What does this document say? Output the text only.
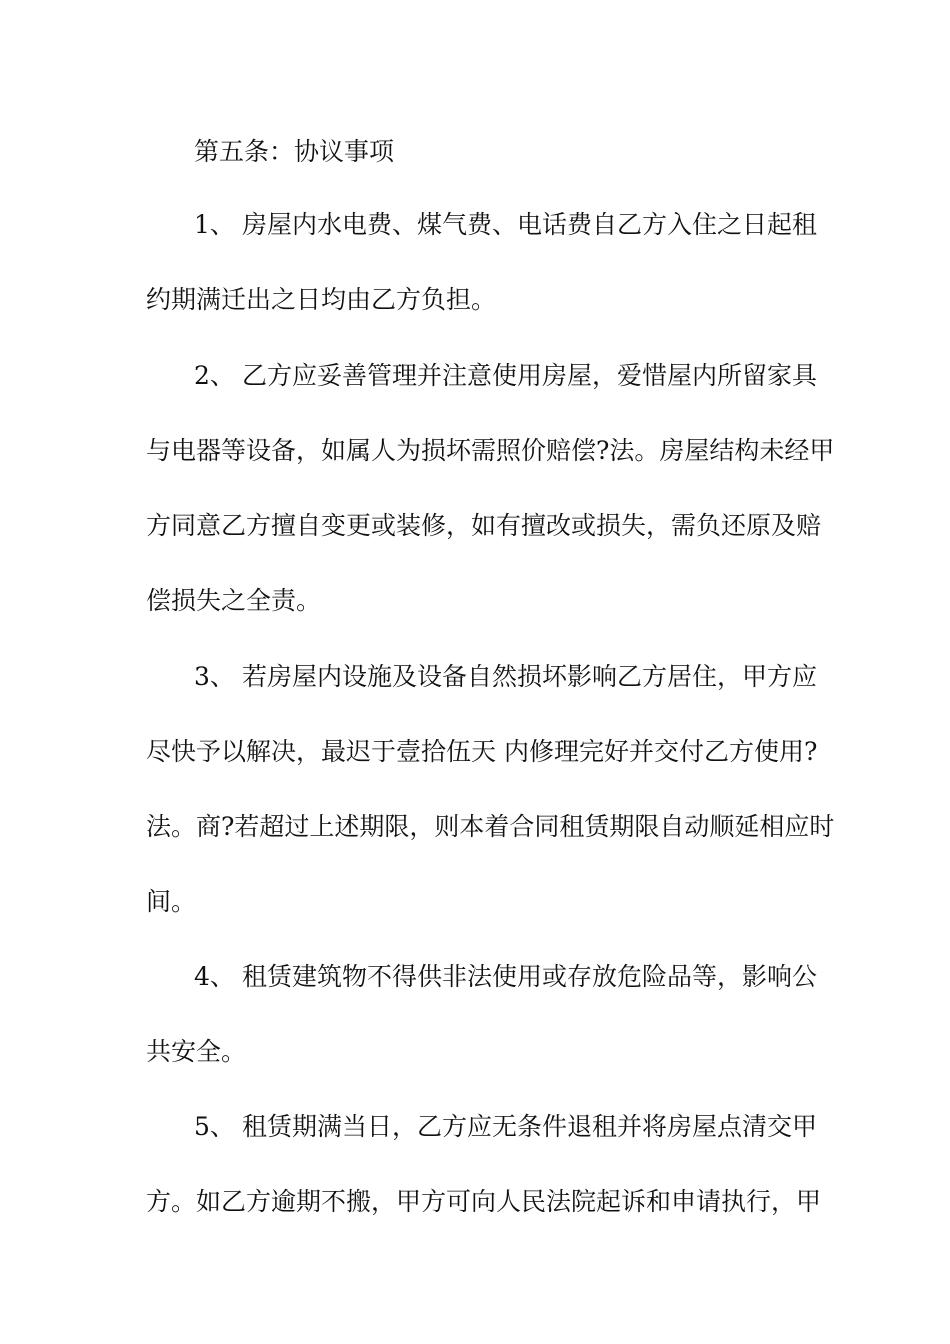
第五条：协议事项
1、 房屋内水电费、煤气费、电话费自乙方入住之日起租
约期满迁出之日均由乙方负担。
2、 乙方应妥善管理并注意使用房屋，爱惜屋内所留家具
与电器等设备，如属人为损坏需照价赔偿?法。房屋结构未经甲
方同意乙方擅自变更或装修，如有擅改或损失，需负还原及赔
偿损失之全责。
3、 若房屋内设施及设备自然损坏影响乙方居住，甲方应
尽快予以解决，最迟于壹拾伍天 内修理完好并交付乙方使用?
法。商?若超过上述期限，则本着合同租赁期限自动顺延相应时
间。
4、 租赁建筑物不得供非法使用或存放危险品等，影响公
共安全。
5、 租赁期满当日，乙方应无条件退租并将房屋点清交甲
方。如乙方逾期不搬，甲方可向人民法院起诉和申请执行，甲
